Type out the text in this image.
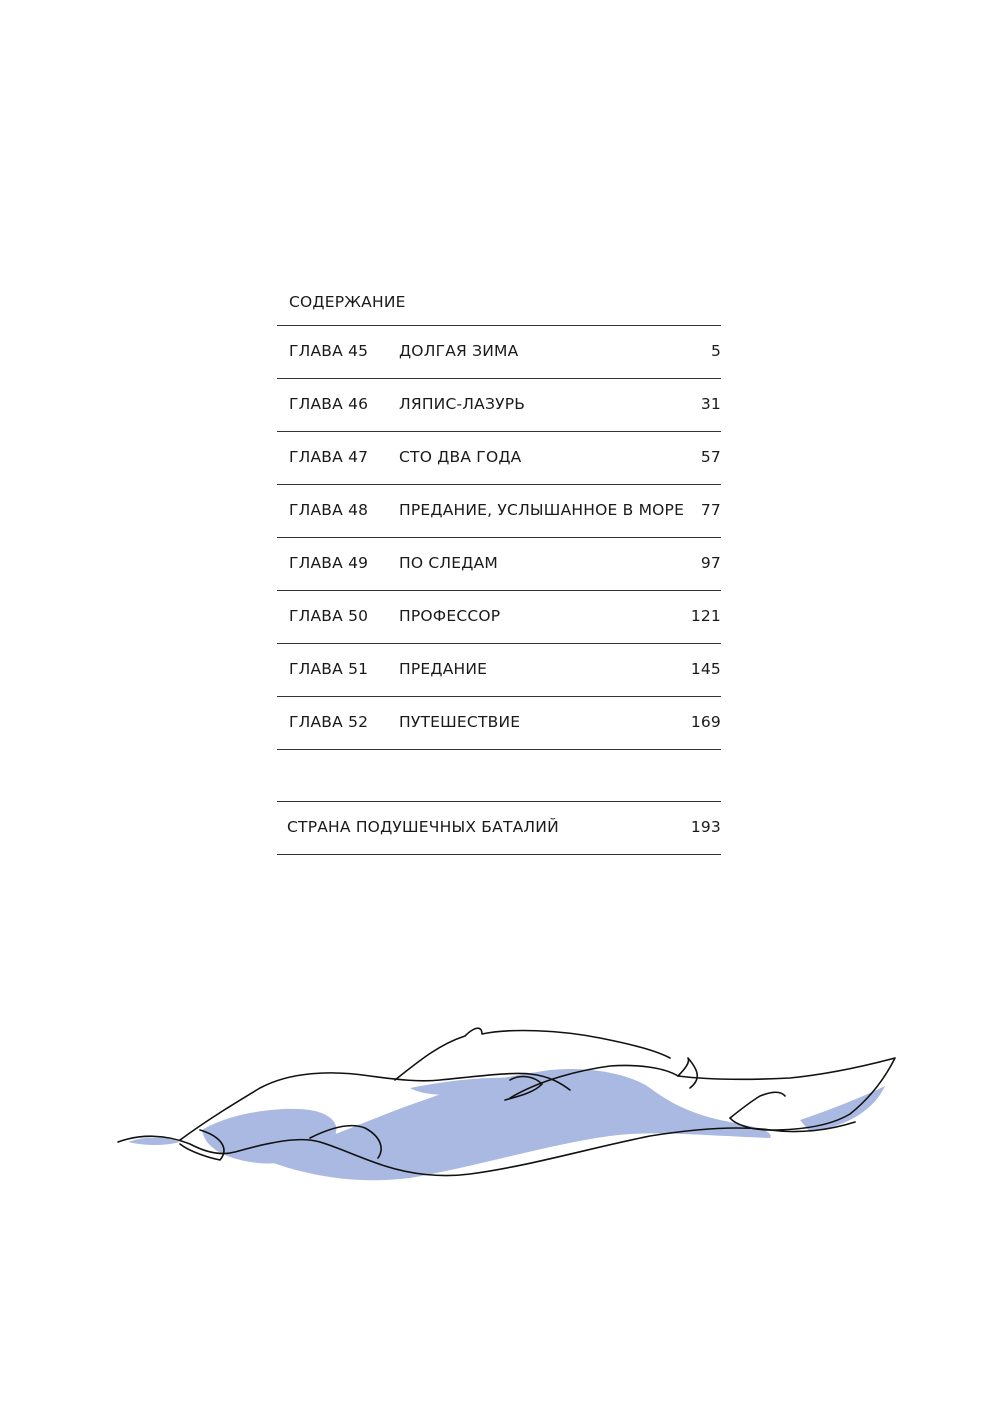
СОДЕРЖАНИЕ
ГЛАВА 45 ДОЛГАЯ ЗИМА	5
ГЛАВА 46 ЛЯПИС-ЛАЗУРЬ	31
ГЛАВА 47 СТО ДВА ГОДА	57
ГЛАВА 48 ПРЕДАНИЕ, УСЛЫШАННОЕ В МОРЕ 77
ГЛАВА 49 ПО СЛЕДАМ	97
ГЛАВА 50 ПРОФЕССОР	121
ГЛАВА 51 ПРЕДАНИЕ	145
ГЛАВА 52 ПУТЕШЕСТВИЕ	169
СТРАНА ПОДУШЕЧНЫХ БАТАЛИЙ	193
